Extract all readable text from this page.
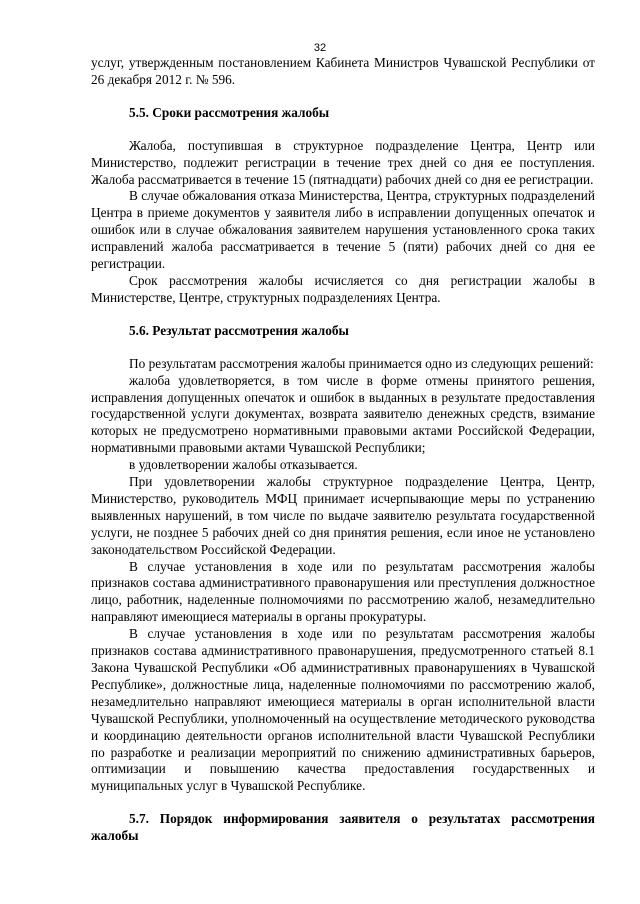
32

услуг, утвержденным постановлением Кабинета Министров Чувашской Республики от 26 декабря 2012 г. № 596.

5.5. Сроки рассмотрения жалобы

Жалоба, поступившая в структурное подразделение Центра, Центр или Министерство, подлежит регистрации в течение трех дней со дня ее поступления. Жалоба рассматривается в течение 15 (пятнадцати) рабочих дней со дня ее регистрации.

В случае обжалования отказа Министерства, Центра, структурных подразделений Центра в приеме документов у заявителя либо в исправлении допущенных опечаток и ошибок или в случае обжалования заявителем нарушения установленного срока таких исправлений жалоба рассматривается в течение 5 (пяти) рабочих дней со дня ее регистрации.

Срок рассмотрения жалобы исчисляется со дня регистрации жалобы в Министерстве, Центре, структурных подразделениях Центра.

5.6. Результат рассмотрения жалобы

По результатам рассмотрения жалобы принимается одно из следующих решений:

жалоба удовлетворяется, в том числе в форме отмены принятого решения, исправления допущенных опечаток и ошибок в выданных в результате предоставления государственной услуги документах, возврата заявителю денежных средств, взимание которых не предусмотрено нормативными правовыми актами Российской Федерации, нормативными правовыми актами Чувашской Республики;

в удовлетворении жалобы отказывается.

При удовлетворении жалобы структурное подразделение Центра, Центр, Министерство, руководитель МФЦ принимает исчерпывающие меры по устранению выявленных нарушений, в том числе по выдаче заявителю результата государственной услуги, не позднее 5 рабочих дней со дня принятия решения, если иное не установлено законодательством Российской Федерации.

В случае установления в ходе или по результатам рассмотрения жалобы признаков состава административного правонарушения или преступления должностное лицо, работник, наделенные полномочиями по рассмотрению жалоб, незамедлительно направляют имеющиеся материалы в органы прокуратуры.

В случае установления в ходе или по результатам рассмотрения жалобы признаков состава административного правонарушения, предусмотренного статьей 8.1 Закона Чувашской Республики «Об административных правонарушениях в Чувашской Республике», должностные лица, наделенные полномочиями по рассмотрению жалоб, незамедлительно направляют имеющиеся материалы в орган исполнительной власти Чувашской Республики, уполномоченный на осуществление методического руководства и координацию деятельности органов исполнительной власти Чувашской Республики по разработке и реализации мероприятий по снижению административных барьеров, оптимизации и повышению качества предоставления государственных и муниципальных услуг в Чувашской Республике.

5.7. Порядок информирования заявителя о результатах рассмотрения жалобы
